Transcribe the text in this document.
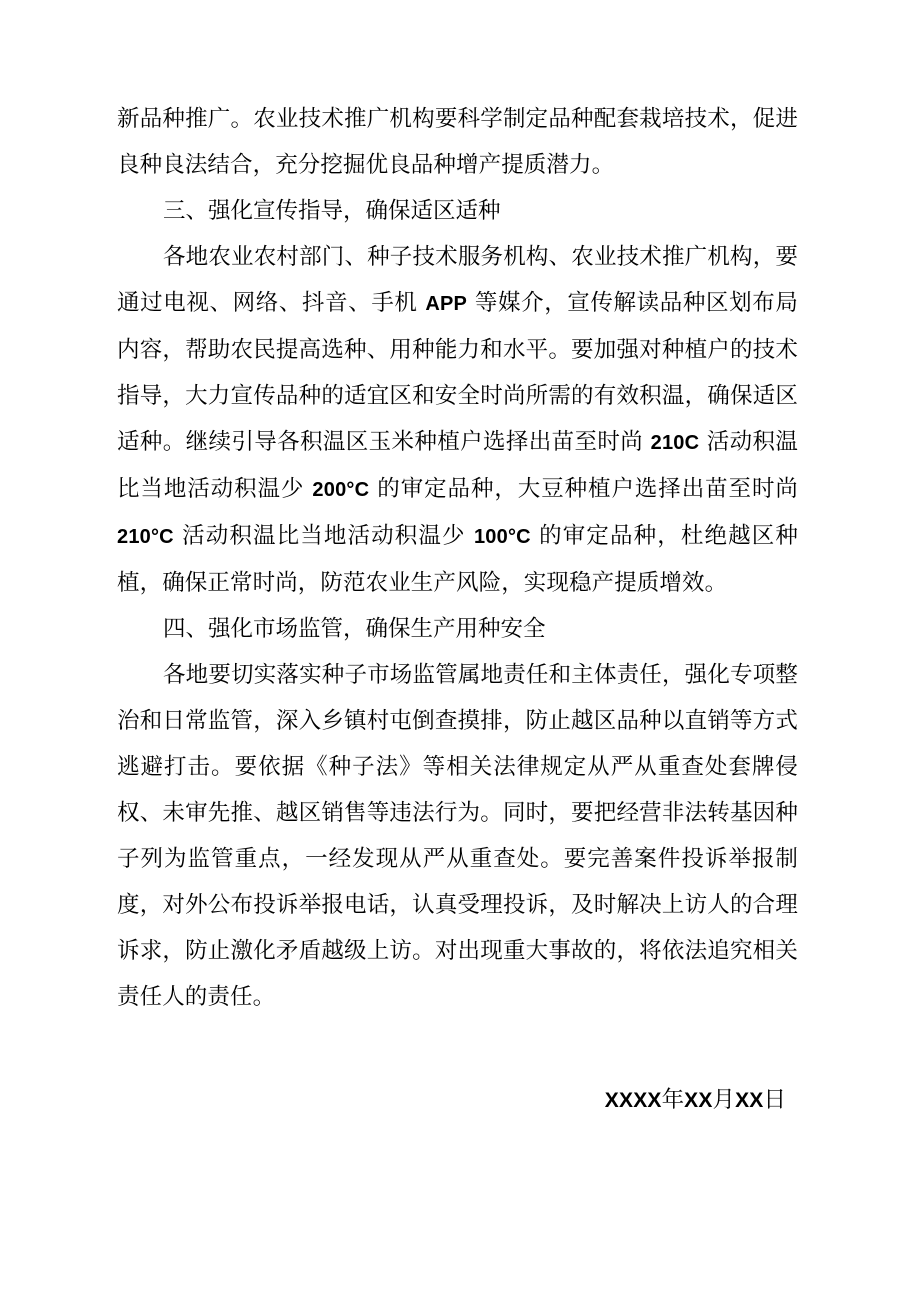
新品种推广。农业技术推广机构要科学制定品种配套栽培技术，促进良种良法结合，充分挖掘优良品种增产提质潜力。

三、强化宣传指导，确保适区适种

各地农业农村部门、种子技术服务机构、农业技术推广机构，要通过电视、网络、抖音、手机 APP 等媒介，宣传解读品种区划布局内容，帮助农民提高选种、用种能力和水平。要加强对种植户的技术指导，大力宣传品种的适宜区和安全时尚所需的有效积温，确保适区适种。继续引导各积温区玉米种植户选择出苗至时尚 210C 活动积温比当地活动积温少 200°C 的审定品种，大豆种植户选择出苗至时尚 210°C 活动积温比当地活动积温少 100°C 的审定品种，杜绝越区种植，确保正常时尚，防范农业生产风险，实现稳产提质增效。

四、强化市场监管，确保生产用种安全

各地要切实落实种子市场监管属地责任和主体责任，强化专项整治和日常监管，深入乡镇村屯倒查摸排，防止越区品种以直销等方式逃避打击。要依据《种子法》等相关法律规定从严从重查处套牌侵权、未审先推、越区销售等违法行为。同时，要把经营非法转基因种子列为监管重点，一经发现从严从重查处。要完善案件投诉举报制度，对外公布投诉举报电话，认真受理投诉，及时解决上访人的合理诉求，防止激化矛盾越级上访。对出现重大事故的，将依法追究相关责任人的责任。

XXXX年XX月XX日
